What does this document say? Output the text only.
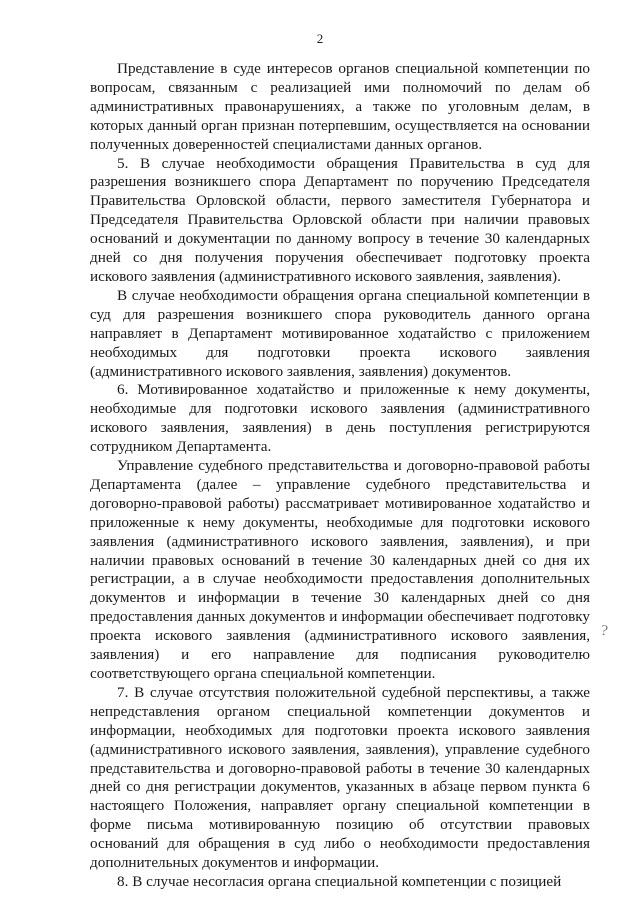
2

Представление в суде интересов органов специальной компетенции по вопросам, связанным с реализацией ими полномочий по делам об административных правонарушениях, а также по уголовным делам, в которых данный орган признан потерпевшим, осуществляется на основании полученных доверенностей специалистами данных органов.

5. В случае необходимости обращения Правительства в суд для разрешения возникшего спора Департамент по поручению Председателя Правительства Орловской области, первого заместителя Губернатора и Председателя Правительства Орловской области при наличии правовых оснований и документации по данному вопросу в течение 30 календарных дней со дня получения поручения обеспечивает подготовку проекта искового заявления (административного искового заявления, заявления).

В случае необходимости обращения органа специальной компетенции в суд для разрешения возникшего спора руководитель данного органа направляет в Департамент мотивированное ходатайство с приложением необходимых для подготовки проекта искового заявления (административного искового заявления, заявления) документов.

6. Мотивированное ходатайство и приложенные к нему документы, необходимые для подготовки искового заявления (административного искового заявления, заявления) в день поступления регистрируются сотрудником Департамента.

Управление судебного представительства и договорно-правовой работы Департамента (далее – управление судебного представительства и договорно-правовой работы) рассматривает мотивированное ходатайство и приложенные к нему документы, необходимые для подготовки искового заявления (административного искового заявления, заявления), и при наличии правовых оснований в течение 30 календарных дней со дня их регистрации, а в случае необходимости предоставления дополнительных документов и информации в течение 30 календарных дней со дня предоставления данных документов и информации обеспечивает подготовку проекта искового заявления (административного искового заявления, заявления) и его направление для подписания руководителю соответствующего органа специальной компетенции.

7. В случае отсутствия положительной судебной перспективы, а также непредставления органом специальной компетенции документов и информации, необходимых для подготовки проекта искового заявления (административного искового заявления, заявления), управление судебного представительства и договорно-правовой работы в течение 30 календарных дней со дня регистрации документов, указанных в абзаце первом пункта 6 настоящего Положения, направляет органу специальной компетенции в форме письма мотивированную позицию об отсутствии правовых оснований для обращения в суд либо о необходимости предоставления дополнительных документов и информации.

8. В случае несогласия органа специальной компетенции с позицией

?
